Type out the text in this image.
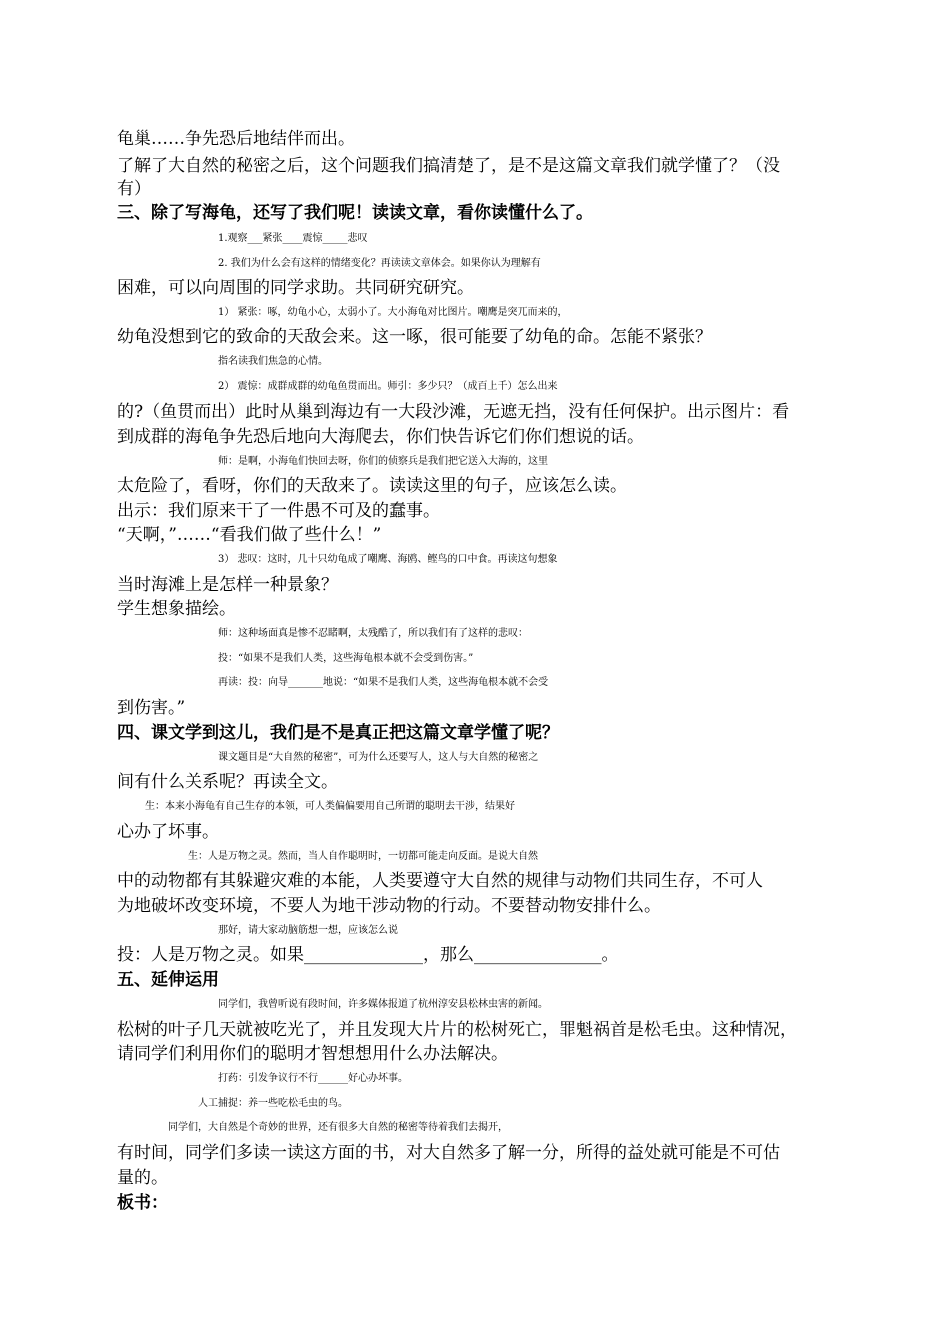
龟巢……争先恐后地结伴而出。
了解了大自然的秘密之后，这个问题我们搞清楚了，是不是这篇文章我们就学懂了？（没
有）
三、除了写海龟，还写了我们呢！读读文章，看你读懂什么了。
1.观察___紧张____震惊_____悲叹
2. 我们为什么会有这样的情绪变化？再读读文章体会。如果你认为理解有
困难，可以向周围的同学求助。共同研究研究。
1） 紧张：啄，幼龟小心，太弱小了。大小海龟对比图片。嘲鹰是突兀而来的，
幼龟没想到它的致命的天敌会来。这一啄，很可能要了幼龟的命。怎能不紧张？
指名读我们焦急的心情。
2） 震惊：成群成群的幼龟鱼贯而出。师引：多少只？（成百上千）怎么出来
的?（鱼贯而出）此时从巢到海边有一大段沙滩，无遮无挡，没有任何保护。出示图片：看
到成群的海龟争先恐后地向大海爬去，你们快告诉它们你们想说的话。
师：是啊，小海龟们快回去呀，你们的侦察兵是我们把它送入大海的，这里
太危险了，看呀，你们的天敌来了。读读这里的句子，应该怎么读。
出示：我们原来干了一件愚不可及的蠢事。
“天啊，”……“看我们做了些什么！”
3） 悲叹：这时，几十只幼龟成了嘲鹰、海鸥、鲣鸟的口中食。再读这句想象
当时海滩上是怎样一种景象？
学生想象描绘。
师：这种场面真是惨不忍睹啊，太残酷了，所以我们有了这样的悲叹：
投：“如果不是我们人类，这些海龟根本就不会受到伤害。”
再读：投：向导_______地说：“如果不是我们人类，这些海龟根本就不会受
到伤害。”
四、课文学到这儿，我们是不是真正把这篇文章学懂了呢？
课文题目是“大自然的秘密”，可为什么还要写人，这人与大自然的秘密之
间有什么关系呢？再读全文。
生：本来小海龟有自己生存的本领，可人类偏偏要用自己所谓的聪明去干涉，结果好
心办了坏事。
生：人是万物之灵。然而，当人自作聪明时，一切都可能走向反面。是说大自然
中的动物都有其躲避灾难的本能，人类要遵守大自然的规律与动物们共同生存，不可人
为地破坏改变环境，不要人为地干涉动物的行动。不要替动物安排什么。
那好，请大家动脑筋想一想，应该怎么说
投：人是万物之灵。如果______________，那么_______________。
五、延伸运用
同学们，我曾听说有段时间，许多媒体报道了杭州淳安县松林虫害的新闻。
松树的叶子几天就被吃光了，并且发现大片片的松树死亡，罪魁祸首是松毛虫。这种情况，
请同学们利用你们的聪明才智想想用什么办法解决。
打药：引发争议行不行______好心办坏事。
人工捕捉：养一些吃松毛虫的鸟。
同学们，大自然是个奇妙的世界，还有很多大自然的秘密等待着我们去揭开，
有时间，同学们多读一读这方面的书，对大自然多了解一分，所得的益处就可能是不可估
量的。
板书：
